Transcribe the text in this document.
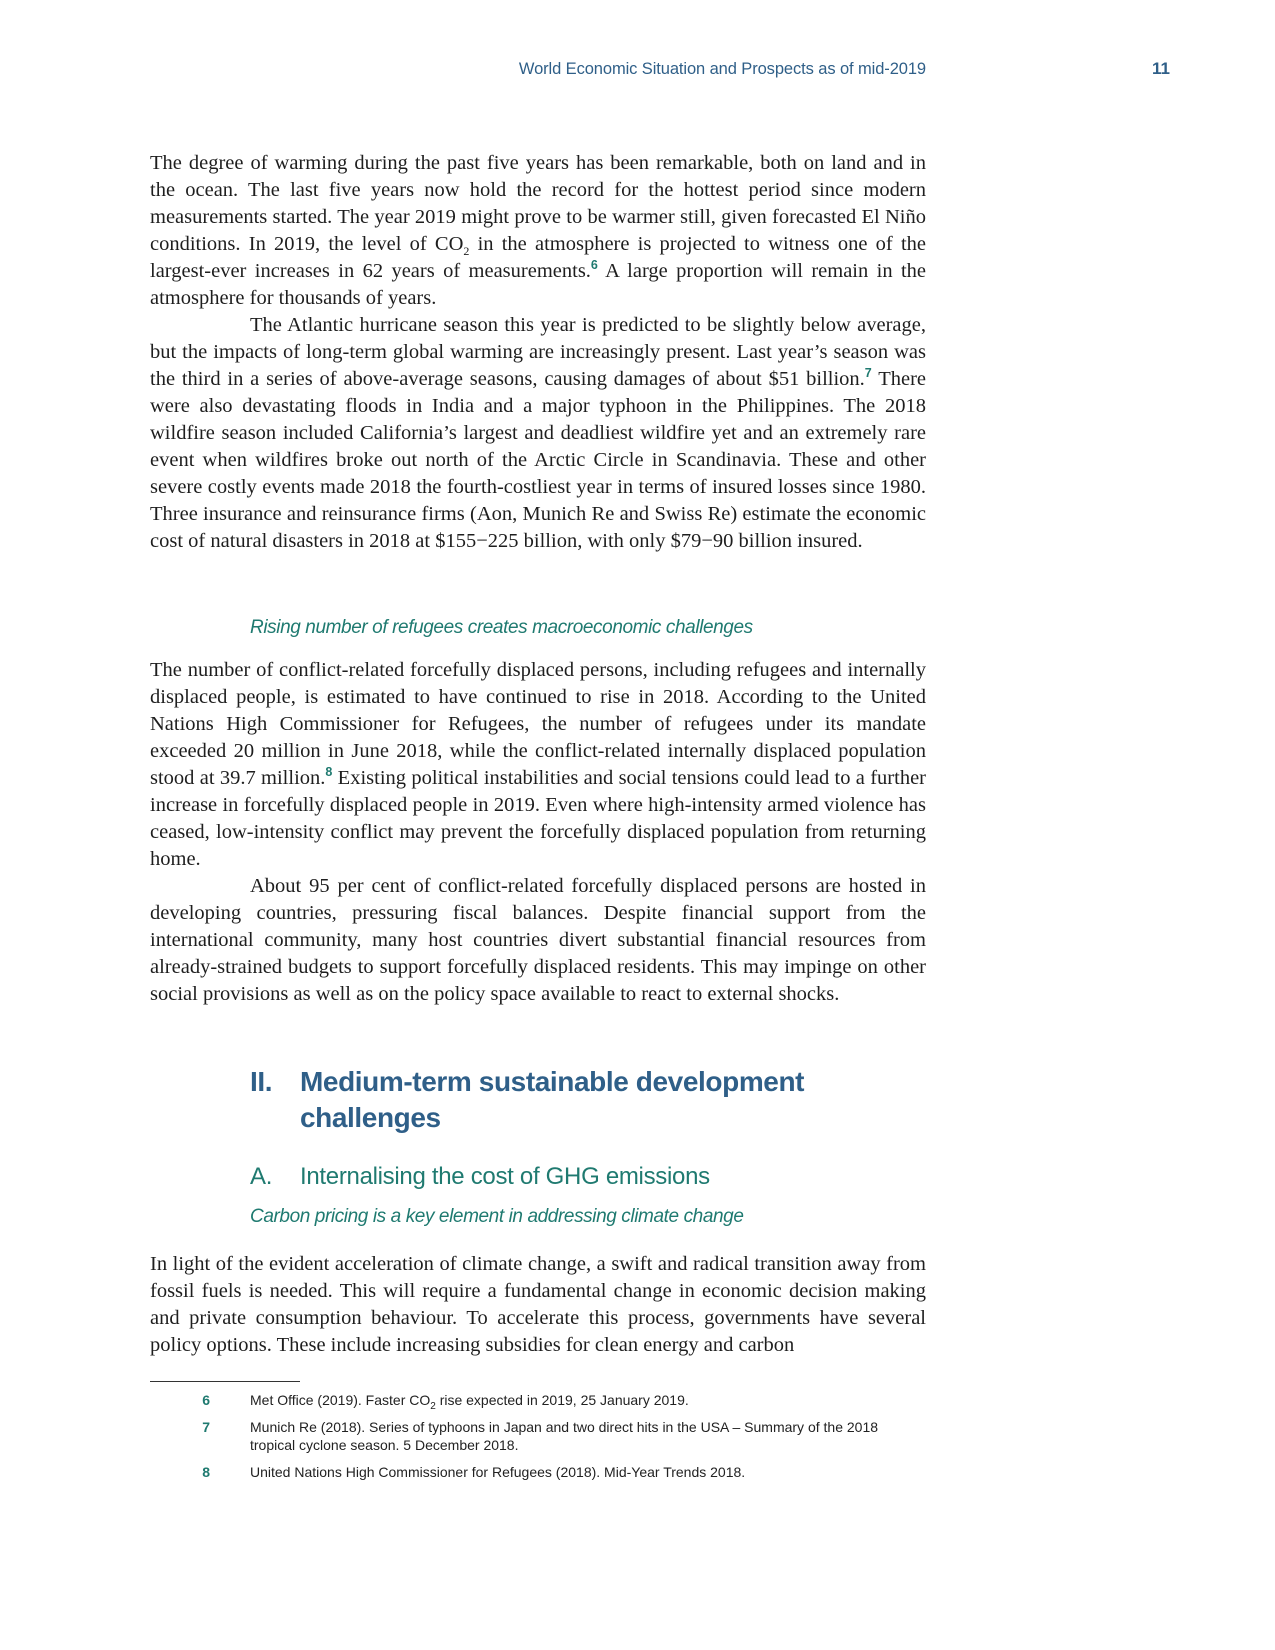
World Economic Situation and Prospects as of mid-2019	11

The degree of warming during the past five years has been remarkable, both on land and in the ocean. The last five years now hold the record for the hottest period since modern measurements started. The year 2019 might prove to be warmer still, given forecasted El Niño conditions. In 2019, the level of $CO_2$ in the atmosphere is projected to witness one of the largest-ever increases in 62 years of measurements.$^6$ A large proportion will remain in the atmosphere for thousands of years.

The Atlantic hurricane season this year is predicted to be slightly below average, but the impacts of long-term global warming are increasingly present. Last year’s season was the third in a series of above-average seasons, causing damages of about $51 billion.$^7$ There were also devastating floods in India and a major typhoon in the Philippines. The 2018 wildfire season included California’s largest and deadliest wildfire yet and an extremely rare event when wildfires broke out north of the Arctic Circle in Scandinavia. These and other severe costly events made 2018 the fourth-costliest year in terms of insured losses since 1980. Three insurance and reinsurance firms (Aon, Munich Re and Swiss Re) estimate the economic cost of natural disasters in 2018 at $155−225 billion, with only $79−90 billion insured.

Rising number of refugees creates macroeconomic challenges

The number of conflict-related forcefully displaced persons, including refugees and internally displaced people, is estimated to have continued to rise in 2018. According to the United Nations High Commissioner for Refugees, the number of refugees under its mandate exceeded 20 million in June 2018, while the conflict-related internally displaced population stood at 39.7 million.$^8$ Existing political instabilities and social tensions could lead to a further increase in forcefully displaced people in 2019. Even where high-intensity armed violence has ceased, low-intensity conflict may prevent the forcefully displaced population from returning home.

About 95 per cent of conflict-related forcefully displaced persons are hosted in developing countries, pressuring fiscal balances. Despite financial support from the international community, many host countries divert substantial financial resources from already-strained budgets to support forcefully displaced residents. This may impinge on other social provisions as well as on the policy space available to react to external shocks.

II. Medium-term sustainable development challenges
A.	Internalising the cost of GHG emissions
Carbon pricing is a key element in addressing climate change

In light of the evident acceleration of climate change, a swift and radical transition away from fossil fuels is needed. This will require a fundamental change in economic decision making and private consumption behaviour. To accelerate this process, governments have several policy options. These include increasing subsidies for clean energy and carbon

6	Met Office (2019). Faster $CO_2$ rise expected in 2019, 25 January 2019.
7	Munich Re (2018). Series of typhoons in Japan and two direct hits in the USA – Summary of the 2018 tropical cyclone season. 5 December 2018.
8	United Nations High Commissioner for Refugees (2018). Mid-Year Trends 2018.
